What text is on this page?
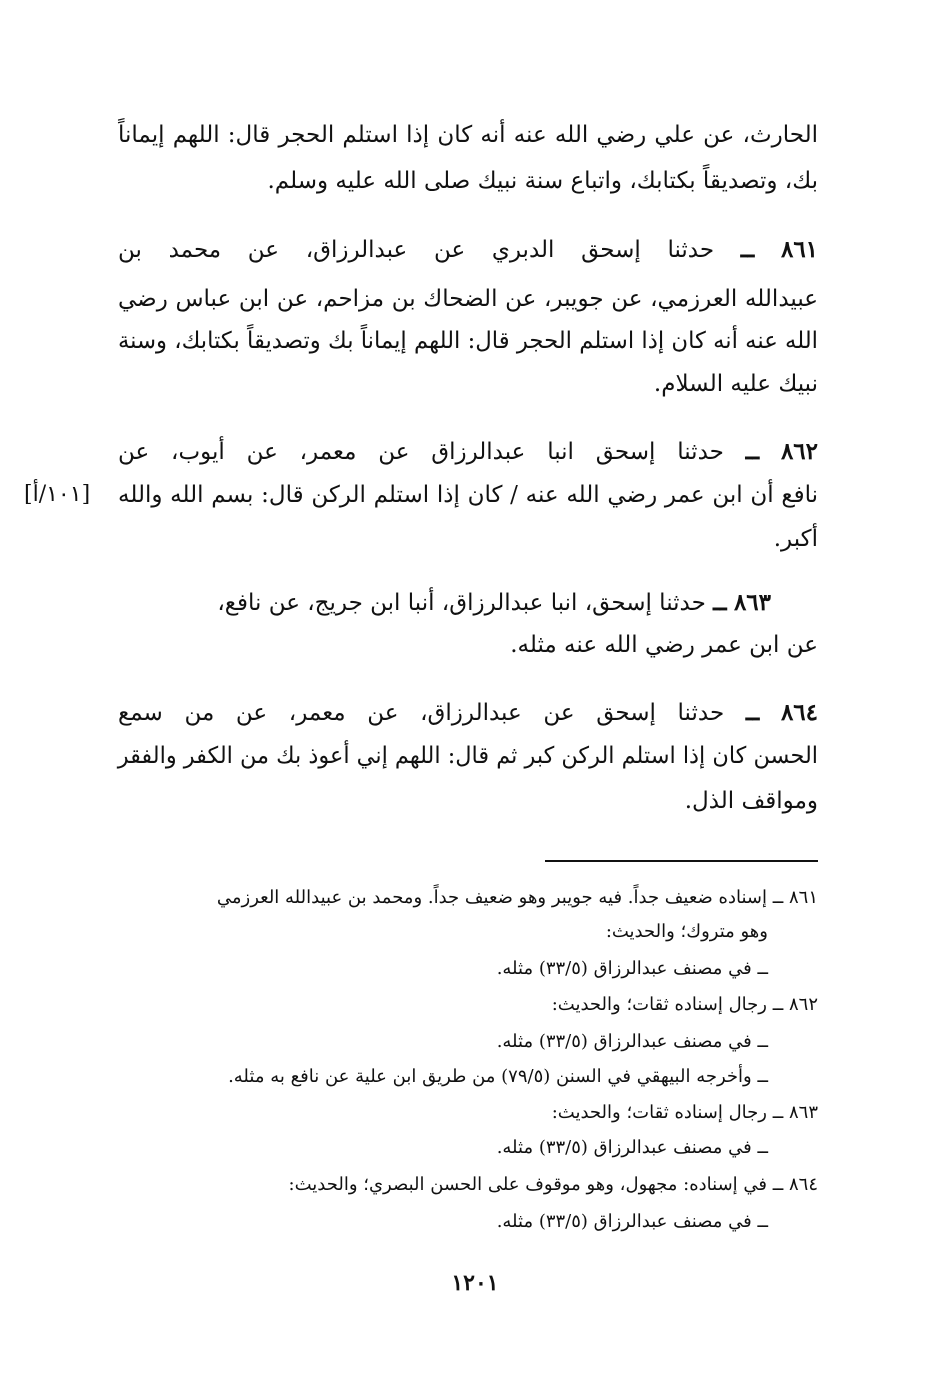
الحارث، عن علي رضي الله عنه أنه كان إذا استلم الحجر قال: اللهم إيماناً
بك، وتصديقاً بكتابك، واتباع سنة نبيك صلى الله عليه وسلم.
٨٦١ ــ حدثنا إسحق الدبري عن عبدالرزاق، عن محمد بن
عبيدالله العرزمي، عن جويبر، عن الضحاك بن مزاحم، عن ابن عباس رضي
الله عنه أنه كان إذا استلم الحجر قال: اللهم إيماناً بك وتصديقاً بكتابك، وسنة
نبيك عليه السلام.
٨٦٢ ــ حدثنا إسحق انبا عبدالرزاق عن معمر، عن أيوب، عن
نافع أن ابن عمر رضي الله عنه / كان إذا استلم الركن قال: بسم الله والله
[١٠١/أ]
أكبر.
٨٦٣ ــ حدثنا إسحق، انبا عبدالرزاق، أنبا ابن جريج، عن نافع،
عن ابن عمر رضي الله عنه مثله.
٨٦٤ ــ حدثنا إسحق عن عبدالرزاق، عن معمر، عن من سمع
الحسن كان إذا استلم الركن كبر ثم قال: اللهم إني أعوذ بك من الكفر والفقر
ومواقف الذل.
٨٦١ ــ إسناده ضعيف جداً. فيه جويبر وهو ضعيف جداً. ومحمد بن عبيدالله العرزمي
وهو متروك؛ والحديث:
ــ في مصنف عبدالرزاق (٣٣/٥) مثله.
٨٦٢ ــ رجال إسناده ثقات؛ والحديث:
ــ في مصنف عبدالرزاق (٣٣/٥) مثله.
ــ وأخرجه البيهقي في السنن (٧٩/٥) من طريق ابن علية عن نافع به مثله.
٨٦٣ ــ رجال إسناده ثقات؛ والحديث:
ــ في مصنف عبدالرزاق (٣٣/٥) مثله.
٨٦٤ ــ في إسناده: مجهول، وهو موقوف على الحسن البصري؛ والحديث:
ــ في مصنف عبدالرزاق (٣٣/٥) مثله.
١٢٠١
